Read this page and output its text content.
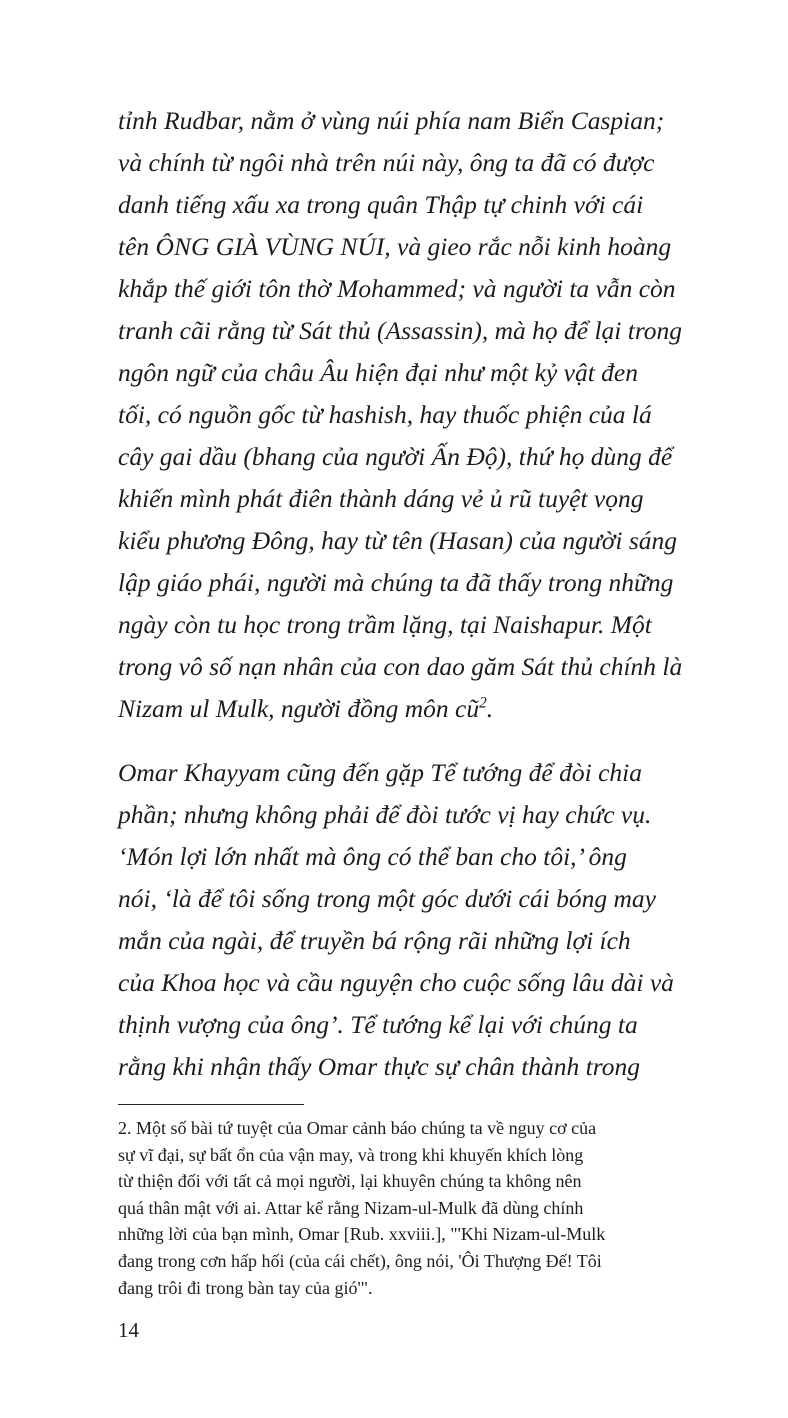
tỉnh Rudbar, nằm ở vùng núi phía nam Biển Caspian;
và chính từ ngôi nhà trên núi này, ông ta đã có được
danh tiếng xấu xa trong quân Thập tự chinh với cái
tên ÔNG GIÀ VÙNG NÚI, và gieo rắc nỗi kinh hoàng
khắp thế giới tôn thờ Mohammed; và người ta vẫn còn
tranh cãi rằng từ Sát thủ (Assassin), mà họ để lại trong
ngôn ngữ của châu Âu hiện đại như một kỷ vật đen
tối, có nguồn gốc từ hashish, hay thuốc phiện của lá
cây gai dầu (bhang của người Ấn Độ), thứ họ dùng để
khiến mình phát điên thành dáng vẻ ủ rũ tuyệt vọng
kiểu phương Đông, hay từ tên (Hasan) của người sáng
lập giáo phái, người mà chúng ta đã thấy trong những
ngày còn tu học trong trầm lặng, tại Naishapur. Một
trong vô số nạn nhân của con dao găm Sát thủ chính là
Nizam ul Mulk, người đồng môn $cũ^2$.

Omar Khayyam cũng đến gặp Tể tướng để đòi chia
phần; nhưng không phải để đòi tước vị hay chức vụ.
‘Món lợi lớn nhất mà ông có thể ban cho tôi,’ ông
nói, ‘là để tôi sống trong một góc dưới cái bóng may
mắn của ngài, để truyền bá rộng rãi những lợi ích
của Khoa học và cầu nguyện cho cuộc sống lâu dài và
thịnh vượng của ông’. Tể tướng kể lại với chúng ta
rằng khi nhận thấy Omar thực sự chân thành trong

2. Một số bài tứ tuyệt của Omar cảnh báo chúng ta về nguy cơ của
sự vĩ đại, sự bất ổn của vận may, và trong khi khuyến khích lòng
từ thiện đối với tất cả mọi người, lại khuyên chúng ta không nên
quá thân mật với ai. Attar kể rằng Nizam-ul-Mulk đã dùng chính
những lời của bạn mình, Omar [Rub. xxviii.], "'Khi Nizam-ul-Mulk
đang trong cơn hấp hối (của cái chết), ông nói, 'Ôi Thượng Đế! Tôi
đang trôi đi trong bàn tay của gió'".
14
